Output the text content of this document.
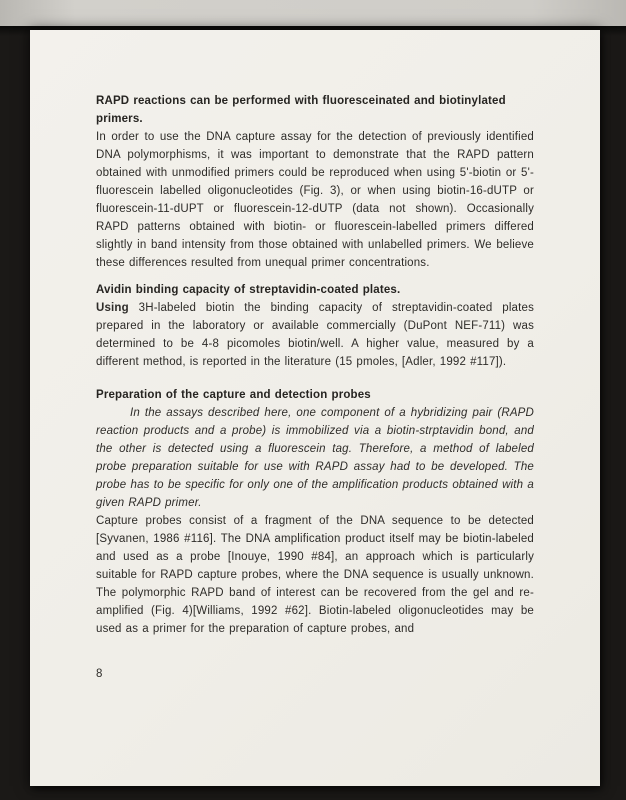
RAPD reactions can be performed with fluoresceinated and biotinylated primers.

In order to use the DNA capture assay for the detection of previously identified DNA polymorphisms, it was important to demonstrate that the RAPD pattern obtained with unmodified primers could be reproduced when using 5'-biotin or 5'-fluorescein labelled oligonucleotides (Fig. 3), or when using biotin-16-dUTP or fluorescein-11-dUPT or fluorescein-12-dUTP (data not shown). Occasionally RAPD patterns obtained with biotin- or fluorescein-labelled primers differed slightly in band intensity from those obtained with unlabelled primers. We believe these differences resulted from unequal primer concentrations.

Avidin binding capacity of streptavidin-coated plates.

Using 3H-labeled biotin the binding capacity of streptavidin-coated plates prepared in the laboratory or available commercially (DuPont NEF-711) was determined to be 4-8 picomoles biotin/well. A higher value, measured by a different method, is reported in the literature (15 pmoles, [Adler, 1992 #117]).

Preparation of the capture and detection probes

In the assays described here, one component of a hybridizing pair (RAPD reaction products and a probe) is immobilized via a biotin-strptavidin bond, and the other is detected using a fluorescein tag. Therefore, a method of labeled probe preparation suitable for use with RAPD assay had to be developed. The probe has to be specific for only one of the amplification products obtained with a given RAPD primer.

Capture probes consist of a fragment of the DNA sequence to be detected [Syvanen, 1986 #116]. The DNA amplification product itself may be biotin-labeled and used as a probe [Inouye, 1990 #84], an approach which is particularly suitable for RAPD capture probes, where the DNA sequence is usually unknown. The polymorphic RAPD band of interest can be recovered from the gel and re-amplified (Fig. 4)[Williams, 1992 #62]. Biotin-labeled oligonucleotides may be used as a primer for the preparation of capture probes, and

8
